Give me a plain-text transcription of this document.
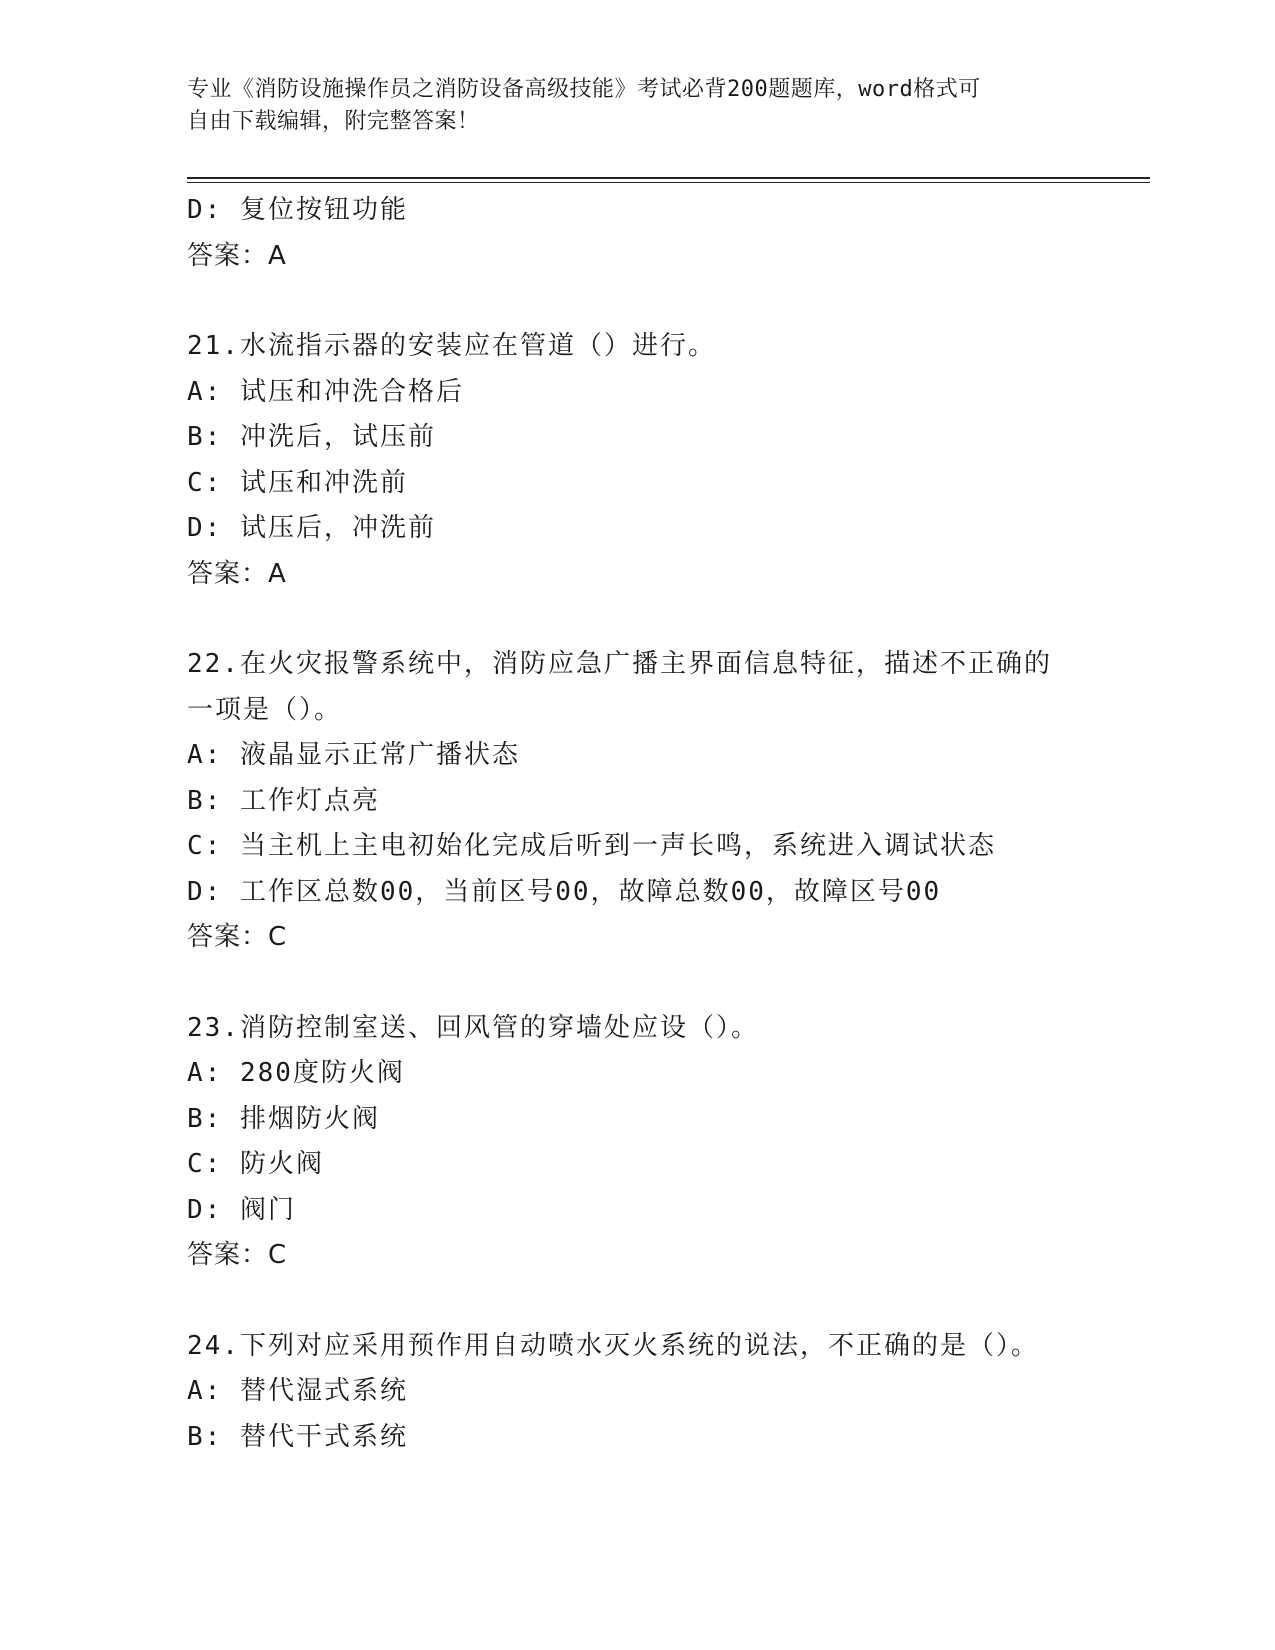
专业《消防设施操作员之消防设备高级技能》考试必背200题题库，word格式可
自由下载编辑，附完整答案！
D: 复位按钮功能
答案：A
21.水流指示器的安装应在管道（）进行。
A: 试压和冲洗合格后
B: 冲洗后，试压前
C: 试压和冲洗前
D: 试压后，冲洗前
答案：A
22.在火灾报警系统中，消防应急广播主界面信息特征，描述不正确的
一项是（）。
A: 液晶显示正常广播状态
B: 工作灯点亮
C: 当主机上主电初始化完成后听到一声长鸣，系统进入调试状态
D: 工作区总数00，当前区号00，故障总数00，故障区号00
答案：C
23.消防控制室送、回风管的穿墙处应设（）。
A: 280度防火阀
B: 排烟防火阀
C: 防火阀
D: 阀门
答案：C
24.下列对应采用预作用自动喷水灭火系统的说法，不正确的是（）。
A: 替代湿式系统
B: 替代干式系统
